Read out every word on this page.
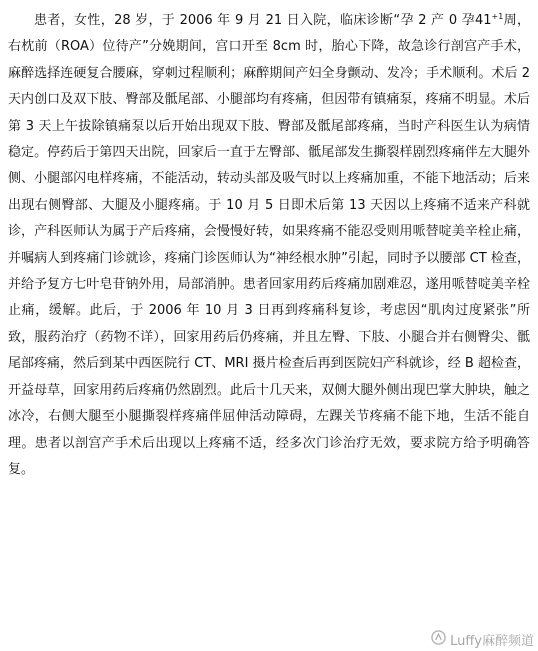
患者，女性，28 岁，于 2006 年 9 月 21 日入院，临床诊断“孕 2 产 0 孕$41^{+1}$周，右枕前（ROA）位待产”分娩期间，宫口开至 8cm 时，胎心下降，故急诊行剖宫产手术，麻醉选择连硬复合腰麻，穿刺过程顺利；麻醉期间产妇全身颤动、发冷；手术顺利。术后 2 天内创口及双下肢、臀部及骶尾部、小腿部均有疼痛，但因带有镇痛泵，疼痛不明显。术后第 3 天上午拔除镇痛泵以后开始出现双下肢、臀部及骶尾部疼痛，当时产科医生认为病情稳定。停药后于第四天出院，回家后一直于左臀部、骶尾部发生撕裂样剧烈疼痛伴左大腿外侧、小腿部闪电样疼痛，不能活动，转动头部及吸气时以上疼痛加重，不能下地活动；后来出现右侧臀部、大腿及小腿疼痛。于 10 月 5 日即术后第 13 天因以上疼痛不适来产科就诊，产科医师认为属于产后疼痛，会慢慢好转，如果疼痛不能忍受则用哌替啶美辛栓止痛，并嘱病人到疼痛门诊就诊，疼痛门诊医师认为“神经根水肿”引起，同时予以腰部 CT 检查，并给予复方七叶皂苷钠外用，局部消肿。患者回家用药后疼痛加剧难忍，遂用哌替啶美辛栓止痛，缓解。此后，于 2006 年 10 月 3 日再到疼痛科复诊，考虑因“肌肉过度紧张”所致，服药治疗（药物不详），回家用药后仍疼痛，并且左臀、下肢、小腿合并右侧臀尖、骶尾部疼痛，然后到某中西医院行 CT、MRI 摄片检查后再到医院妇产科就诊，经 B 超检查，开益母草，回家用药后疼痛仍然剧烈。此后十几天来，双侧大腿外侧出现巴掌大肿块，触之冰冷，右侧大腿至小腿撕裂样疼痛伴屈伸活动障碍，左踝关节疼痛不能下地，生活不能自理。患者以剖宫产手术后出现以上疼痛不适，经多次门诊治疗无效，要求院方给予明确答复。

Luffy麻醉频道
